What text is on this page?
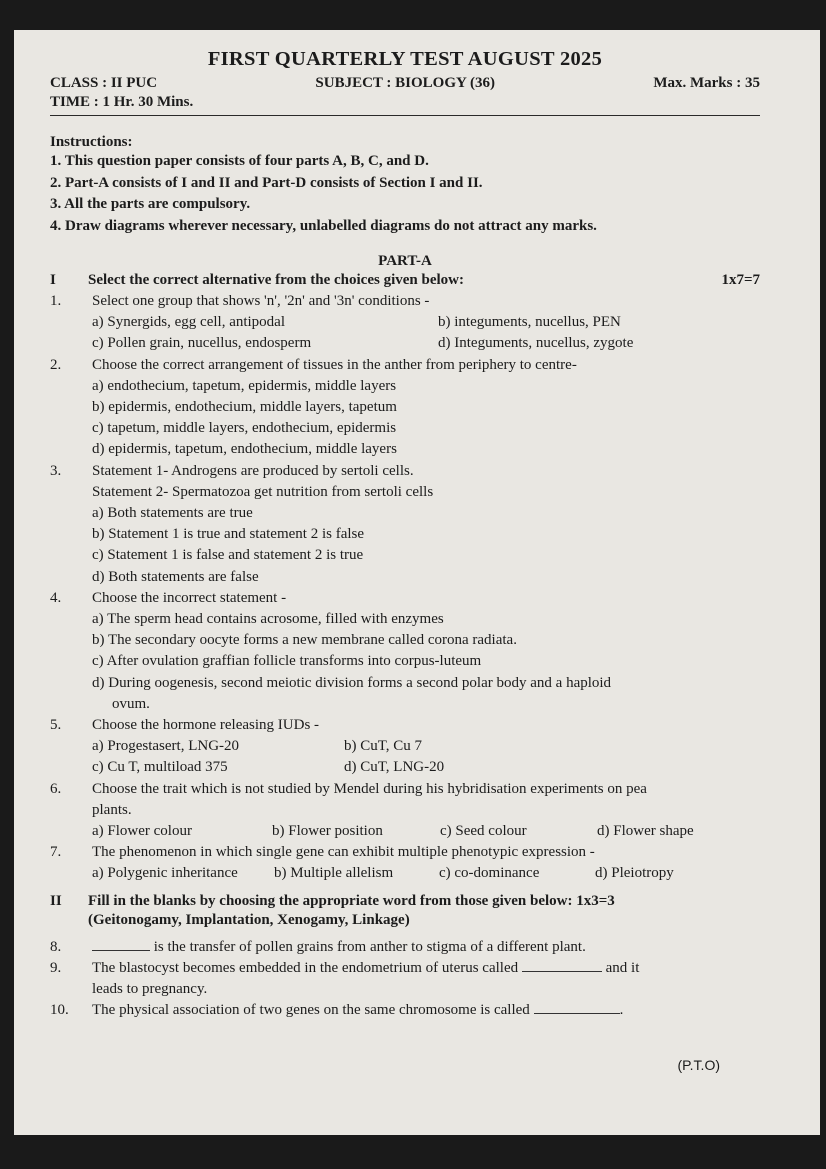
FIRST QUARTERLY TEST AUGUST 2025
CLASS : II PUC	SUBJECT : BIOLOGY (36)	Max. Marks : 35
TIME : 1 Hr. 30 Mins.
Instructions:
1. This question paper consists of four parts A, B, C, and D.
2. Part-A consists of I and II and Part-D consists of Section I and II.
3. All the parts are compulsory.
4. Draw diagrams wherever necessary, unlabelled diagrams do not attract any marks.
PART-A
I	Select the correct alternative from the choices given below:	1x7=7
1.	Select one group that shows 'n', '2n' and '3n' conditions -
a) Synergids, egg cell, antipodal	b) integuments, nucellus, PEN
c) Pollen grain, nucellus, endosperm	d) Integuments, nucellus, zygote
2.	Choose the correct arrangement of tissues in the anther from periphery to centre-
a) endothecium, tapetum, epidermis, middle layers
b) epidermis, endothecium, middle layers, tapetum
c) tapetum, middle layers, endothecium, epidermis
d) epidermis, tapetum, endothecium, middle layers
3.	Statement 1- Androgens are produced by sertoli cells.
Statement 2- Spermatozoa get nutrition from sertoli cells
a) Both statements are true
b) Statement 1 is true and statement 2 is false
c) Statement 1 is false and statement 2 is true
d) Both statements are false
4.	Choose the incorrect statement -
a) The sperm head contains acrosome, filled with enzymes
b) The secondary oocyte forms a new membrane called corona radiata.
c) After ovulation graffian follicle transforms into corpus-luteum
d) During oogenesis, second meiotic division forms a second polar body and a haploid
ovum.
5.	Choose the hormone releasing IUDs -
a) Progestasert, LNG-20	b) CuT, Cu 7
c) Cu T, multiload 375	d) CuT, LNG-20
6.	Choose the trait which is not studied by Mendel during his hybridisation experiments on pea
plants.
a) Flower colour	b) Flower position	c) Seed colour	d) Flower shape
7.	The phenomenon in which single gene can exhibit multiple phenotypic expression -
a) Polygenic inheritance	b) Multiple allelism	c) co-dominance	d) Pleiotropy
II	Fill in the blanks by choosing the appropriate word from those given below: 1x3=3
(Geitonogamy, Implantation, Xenogamy, Linkage)
8.	is the transfer of pollen grains from anther to stigma of a different plant.
9.	The blastocyst becomes embedded in the endometrium of uterus called	and it
leads to pregnancy.
10.	The physical association of two genes on the same chromosome is called	.
(P.T.O)
